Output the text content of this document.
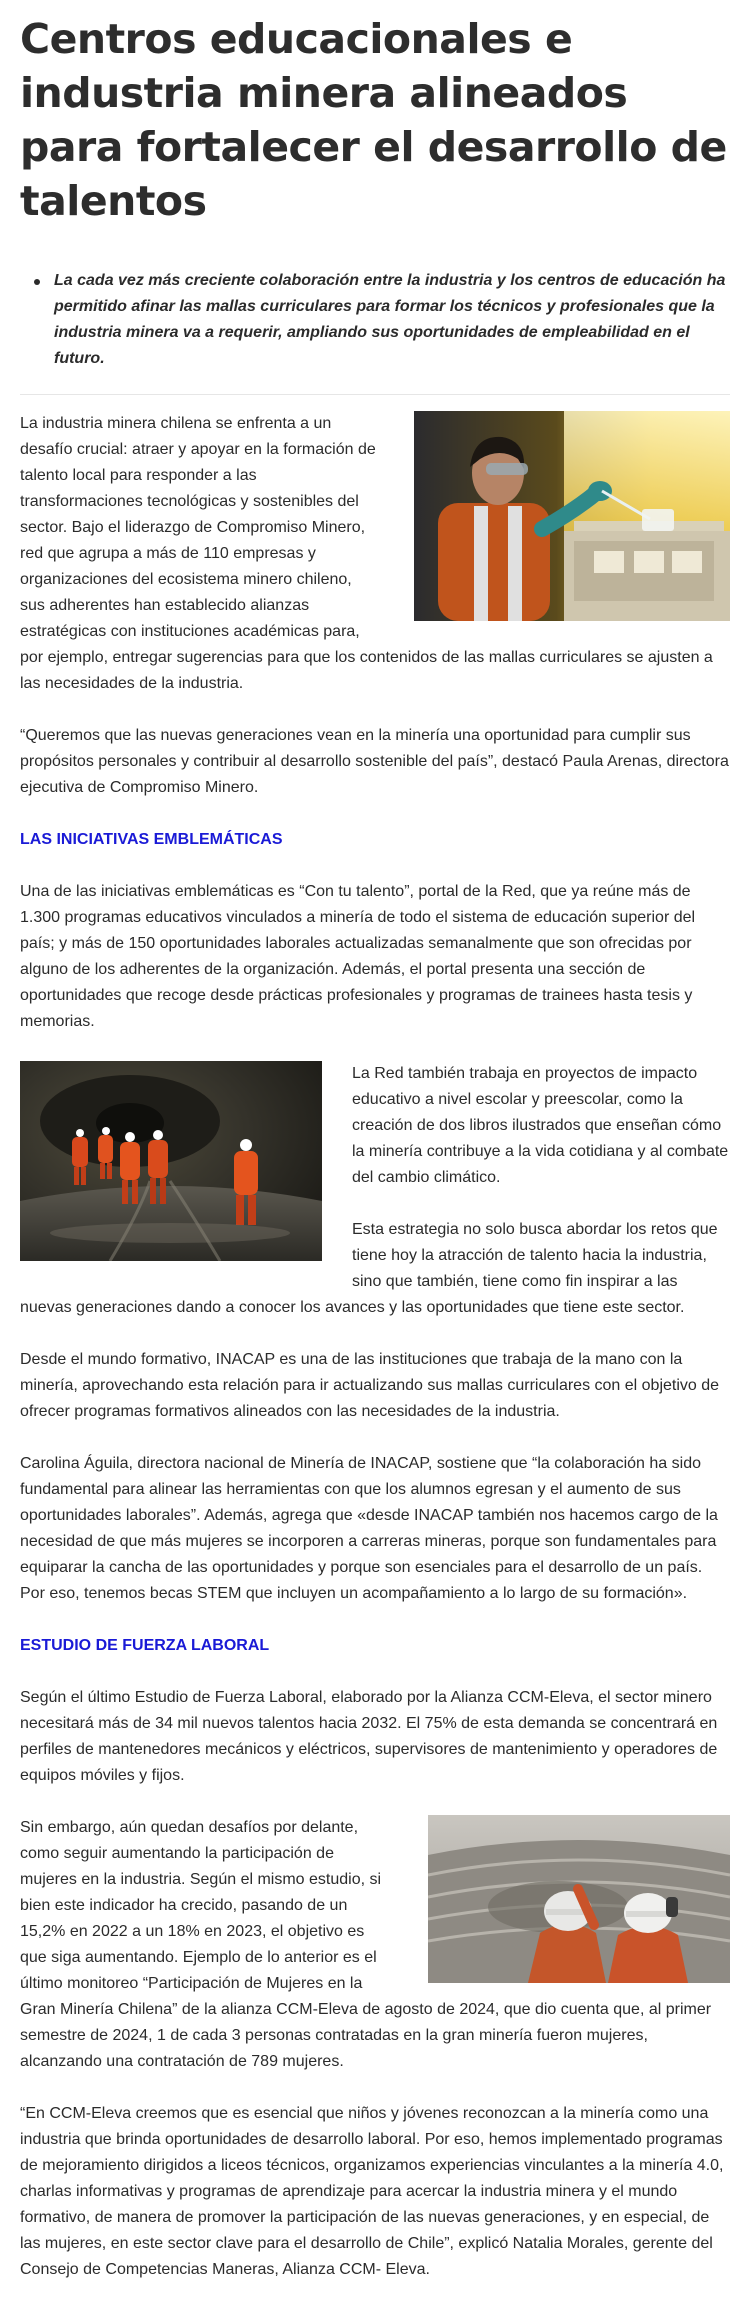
Centros educacionales e industria minera alineados para fortalecer el desarrollo de talentos
La cada vez más creciente colaboración entre la industria y los centros de educación ha permitido afinar las mallas curriculares para formar los técnicos y profesionales que la industria minera va a requerir, ampliando sus oportunidades de empleabilidad en el futuro.

La industria minera chilena se enfrenta a un desafío crucial: atraer y apoyar en la formación de talento local para responder a las transformaciones tecnológicas y sostenibles del sector. Bajo el liderazgo de Compromiso Minero, red que agrupa a más de 110 empresas y organizaciones del ecosistema minero chileno, sus adherentes han establecido alianzas estratégicas con instituciones académicas para, por ejemplo, entregar sugerencias para que los contenidos de las mallas curriculares se ajusten a las necesidades de la industria.

“Queremos que las nuevas generaciones vean en la minería una oportunidad para cumplir sus propósitos personales y contribuir al desarrollo sostenible del país”, destacó Paula Arenas, directora ejecutiva de Compromiso Minero.

LAS INICIATIVAS EMBLEMÁTICAS

Una de las iniciativas emblemáticas es “Con tu talento”, portal de la Red, que ya reúne más de 1.300 programas educativos vinculados a minería de todo el sistema de educación superior del país; y más de 150 oportunidades laborales actualizadas semanalmente que son ofrecidas por alguno de los adherentes de la organización. Además, el portal presenta una sección de oportunidades que recoge desde prácticas profesionales y programas de trainees hasta tesis y memorias.

La Red también trabaja en proyectos de impacto educativo a nivel escolar y preescolar, como la creación de dos libros ilustrados que enseñan cómo la minería contribuye a la vida cotidiana y al combate del cambio climático.

Esta estrategia no solo busca abordar los retos que tiene hoy la atracción de talento hacia la industria, sino que también, tiene como fin inspirar a las nuevas generaciones dando a conocer los avances y las oportunidades que tiene este sector.

Desde el mundo formativo, INACAP es una de las instituciones que trabaja de la mano con la minería, aprovechando esta relación para ir actualizando sus mallas curriculares con el objetivo de ofrecer programas formativos alineados con las necesidades de la industria.

Carolina Águila, directora nacional de Minería de INACAP, sostiene que “la colaboración ha sido fundamental para alinear las herramientas con que los alumnos egresan y el aumento de sus oportunidades laborales”. Además, agrega que «desde INACAP también nos hacemos cargo de la necesidad de que más mujeres se incorporen a carreras mineras, porque son fundamentales para equiparar la cancha de las oportunidades y porque son esenciales para el desarrollo de un país. Por eso, tenemos becas STEM que incluyen un acompañamiento a lo largo de su formación».

ESTUDIO DE FUERZA LABORAL

Según el último Estudio de Fuerza Laboral, elaborado por la Alianza CCM-Eleva, el sector minero necesitará más de 34 mil nuevos talentos hacia 2032. El 75% de esta demanda se concentrará en perfiles de mantenedores mecánicos y eléctricos, supervisores de mantenimiento y operadores de equipos móviles y fijos.

Sin embargo, aún quedan desafíos por delante, como seguir aumentando la participación de mujeres en la industria. Según el mismo estudio, si bien este indicador ha crecido, pasando de un 15,2% en 2022 a un 18% en 2023, el objetivo es que siga aumentando. Ejemplo de lo anterior es el último monitoreo “Participación de Mujeres en la Gran Minería Chilena” de la alianza CCM-Eleva de agosto de 2024, que dio cuenta que, al primer semestre de 2024, 1 de cada 3 personas contratadas en la gran minería fueron mujeres, alcanzando una contratación de 789 mujeres.

“En CCM-Eleva creemos que es esencial que niños y jóvenes reconozcan a la minería como una industria que brinda oportunidades de desarrollo laboral. Por eso, hemos implementado programas de mejoramiento dirigidos a liceos técnicos, organizamos experiencias vinculantes a la minería 4.0, charlas informativas y programas de aprendizaje para acercar la industria minera y el mundo formativo, de manera de promover la participación de las nuevas generaciones, y en especial, de las mujeres, en este sector clave para el desarrollo de Chile”, explicó Natalia Morales, gerente del Consejo de Competencias Maneras, Alianza CCM- Eleva.
